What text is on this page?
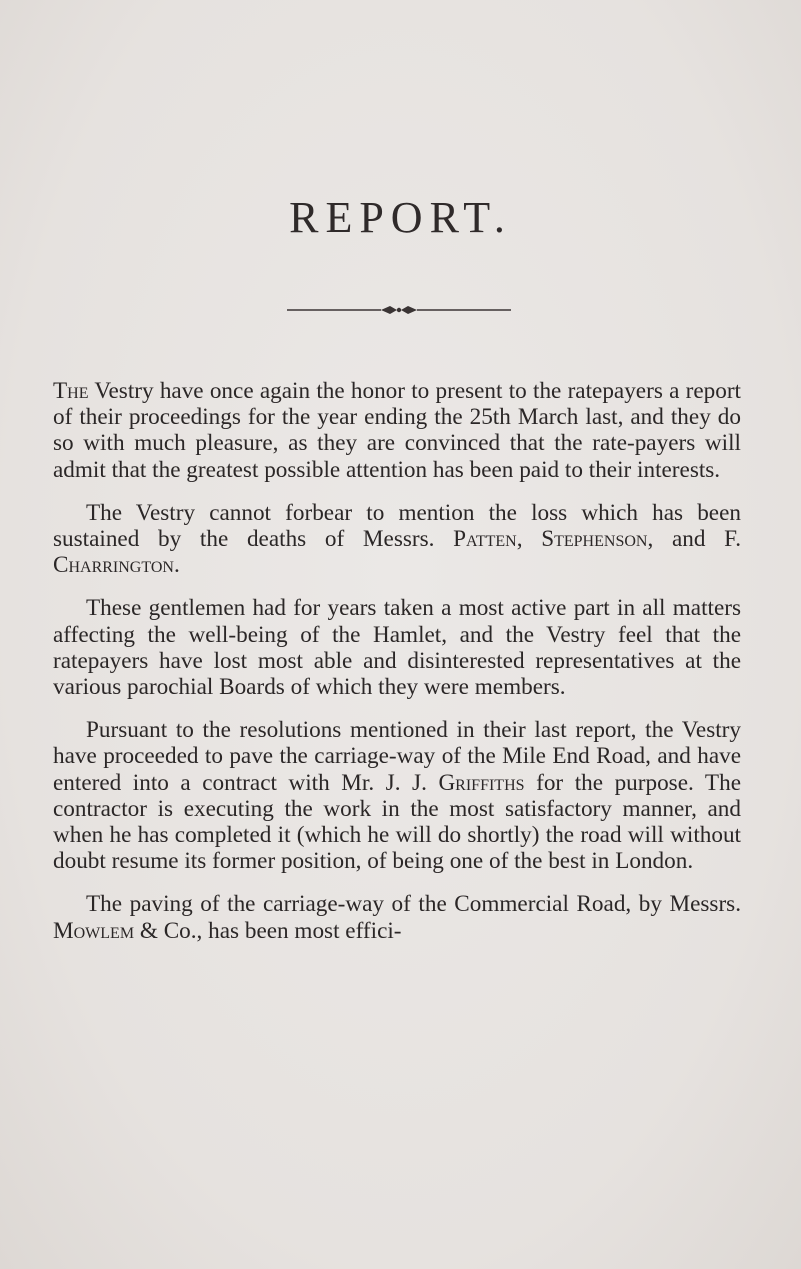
REPORT.

The Vestry have once again the honor to present to the ratepayers a report of their proceedings for the year ending the 25th March last, and they do so with much pleasure, as they are convinced that the rate-payers will admit that the greatest possible attention has been paid to their interests.

The Vestry cannot forbear to mention the loss which has been sustained by the deaths of Messrs. Patten, Stephenson, and F. Charrington.

These gentlemen had for years taken a most active part in all matters affecting the well-being of the Hamlet, and the Vestry feel that the ratepayers have lost most able and disinterested representatives at the various parochial Boards of which they were members.

Pursuant to the resolutions mentioned in their last report, the Vestry have proceeded to pave the carriage-way of the Mile End Road, and have entered into a contract with Mr. J. J. Griffiths for the purpose. The contractor is executing the work in the most satisfactory manner, and when he has completed it (which he will do shortly) the road will without doubt resume its former position, of being one of the best in London.

The paving of the carriage-way of the Commercial Road, by Messrs. Mowlem & Co., has been most effici-
